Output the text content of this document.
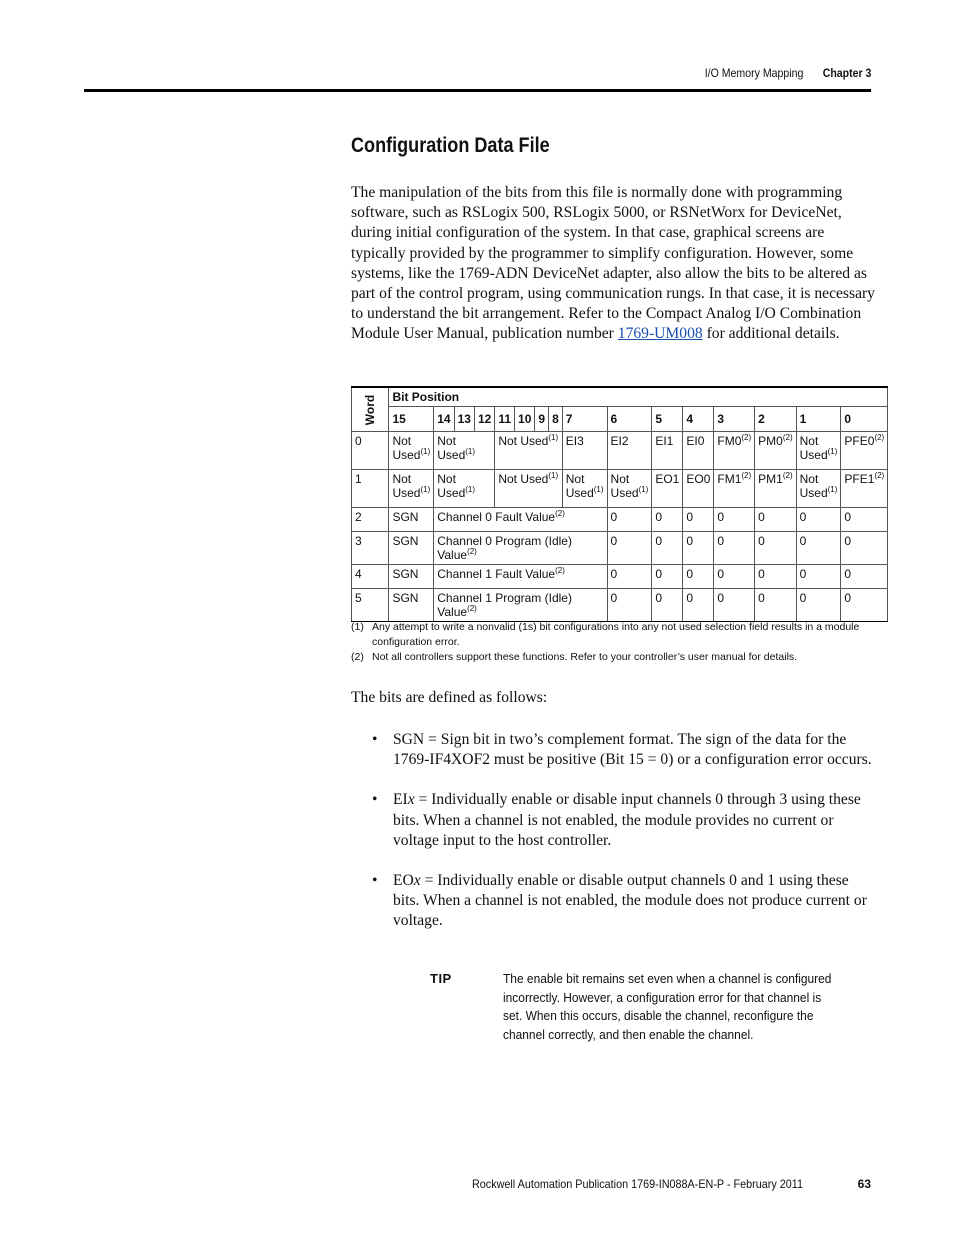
I/O Memory Mapping Chapter 3
Configuration Data File

The manipulation of the bits from this file is normally done with programming software, such as RSLogix 500, RSLogix 5000, or RSNetWorx for DeviceNet, during initial configuration of the system. In that case, graphical screens are typically provided by the programmer to simplify configuration. However, some systems, like the 1769-ADN DeviceNet adapter, also allow the bits to be altered as part of the control program, using communication rungs. In that case, it is necessary to understand the bit arrangement. Refer to the Compact Analog I/O Combination Module User Manual, publication number 1769-UM008 for additional details.

Word	Bit Position															
	15	14	13	12	11	10	9	8	7	6	5	4	3	2	1	0
0	Not Used$^{(1)}$	Not Used$^{(1)}$			Not Used$^{(1)}$				EI3	EI2	EI1	EI0	FM0$^{(2)}$	PM0$^{(2)}$	Not Used$^{(1)}$	PFE0$^{(2)}$
1	Not Used$^{(1)}$	Not Used$^{(1)}$			Not Used$^{(1)}$				Not Used$^{(1)}$	Not Used$^{(1)}$	EO1	EO0	FM1$^{(2)}$	PM1$^{(2)}$	Not Used$^{(1)}$	PFE1$^{(2)}$
2	SGN	Channel 0 Fault Value$^{(2)}$								0	0	0	0	0	0	0
3	SGN	Channel 0 Program (Idle) Value$^{(2)}$								0	0	0	0	0	0	0
4	SGN	Channel 1 Fault Value$^{(2)}$								0	0	0	0	0	0	0
5	SGN	Channel 1 Program (Idle) Value$^{(2)}$								0	0	0	0	0	0	0
(1) Any attempt to write a nonvalid (1s) bit configurations into any not used selection field results in a module configuration error.
(2) Not all controllers support these functions. Refer to your controller’s user manual for details.

The bits are defined as follows:

• SGN = Sign bit in two’s complement format. The sign of the data for the 1769-IF4XOF2 must be positive (Bit 15 = 0) or a configuration error occurs.
• EIx = Individually enable or disable input channels 0 through 3 using these bits. When a channel is not enabled, the module provides no current or voltage input to the host controller.
• EOx = Individually enable or disable output channels 0 and 1 using these bits. When a channel is not enabled, the module does not produce current or voltage.
TIP	The enable bit remains set even when a channel is configured incorrectly. However, a configuration error for that channel is set. When this occurs, disable the channel, reconfigure the channel correctly, and then enable the channel.
Rockwell Automation Publication 1769-IN088A-EN-P - February 2011	63
